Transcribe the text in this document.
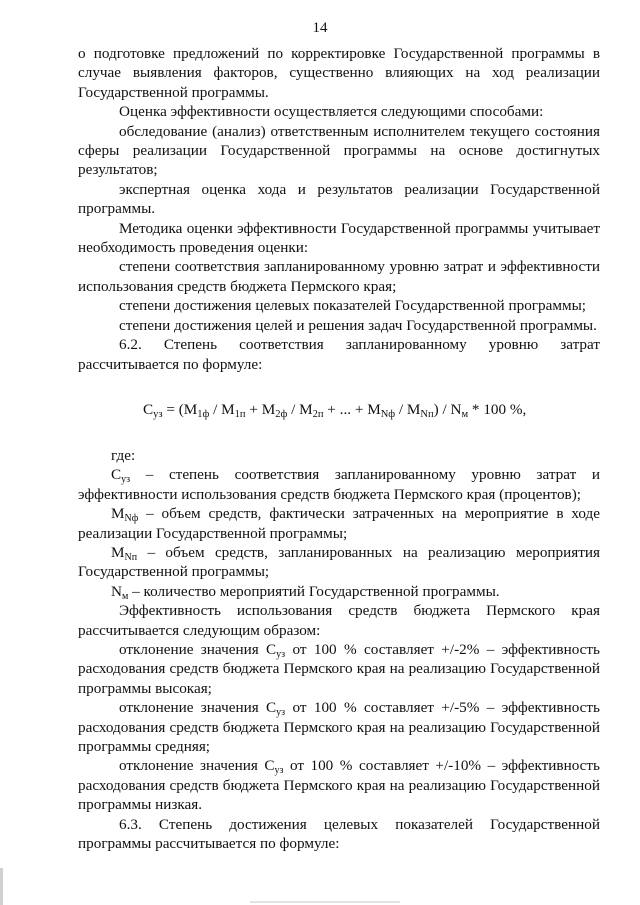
14

о подготовке предложений по корректировке Государственной программы в случае выявления факторов, существенно влияющих на ход реализации Государственной программы.

Оценка эффективности осуществляется следующими способами:

обследование (анализ) ответственным исполнителем текущего состояния сферы реализации Государственной программы на основе достигнутых результатов;

экспертная оценка хода и результатов реализации Государственной программы.

Методика оценки эффективности Государственной программы учитывает необходимость проведения оценки:

степени соответствия запланированному уровню затрат и эффективности использования средств бюджета Пермского края;

степени достижения целевых показателей Государственной программы;

степени достижения целей и решения задач Государственной программы.

6.2. Степень соответствия запланированному уровню затрат рассчитывается по формуле:

$С_{уз} = (М_{1ф} / М_{1п} + М_{2ф} / М_{2п}$ + ... + $М_{Nф} / М_{Nп}) / N_м * 100$ %,

где:

$С_{уз}$ – степень соответствия запланированному уровню затрат и эффективности использования средств бюджета Пермского края (процентов);

$М_{Nф}$ – объем средств, фактически затраченных на мероприятие в ходе реализации Государственной программы;

$М_{Nп}$ – объем средств, запланированных на реализацию мероприятия Государственной программы;

$N_м$ – количество мероприятий Государственной программы.

Эффективность использования средств бюджета Пермского края рассчитывается следующим образом:

отклонение значения $С_{уз}$ от 100 % составляет +/-2% – эффективность расходования средств бюджета Пермского края на реализацию Государственной программы высокая;

отклонение значения $С_{уз}$ от 100 % составляет +/-5% – эффективность расходования средств бюджета Пермского края на реализацию Государственной программы средняя;

отклонение значения $С_{уз}$ от 100 % составляет +/-10% – эффективность расходования средств бюджета Пермского края на реализацию Государственной программы низкая.

6.3. Степень достижения целевых показателей Государственной программы рассчитывается по формуле:
